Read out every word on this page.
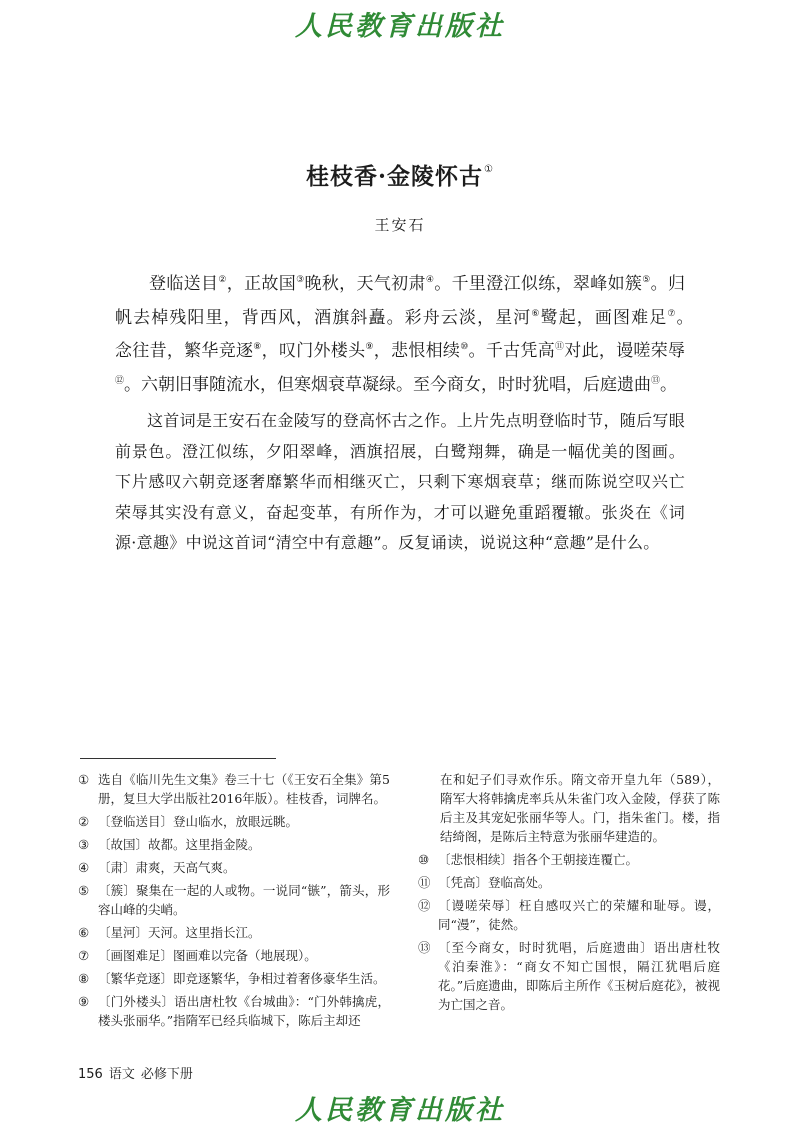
人民教育出版社
桂枝香·金陵怀古①
王安石

登临送目②，正故国③晚秋，天气初肃④。千里澄江似练，翠峰如簇⑤。归帆去棹残阳里，背西风，酒旗斜矗。彩舟云淡，星河⑥鹭起，画图难足⑦。　　念往昔，繁华竞逐⑧，叹门外楼头⑨，悲恨相续⑩。千古凭高⑪对此，谩嗟荣辱⑫。六朝旧事随流水，但寒烟衰草凝绿。至今商女，时时犹唱，后庭遗曲⑬。

这首词是王安石在金陵写的登高怀古之作。上片先点明登临时节，随后写眼前景色。澄江似练，夕阳翠峰，酒旗招展，白鹭翔舞，确是一幅优美的图画。下片感叹六朝竞逐奢靡繁华而相继灭亡，只剩下寒烟衰草；继而陈说空叹兴亡荣辱其实没有意义，奋起变革，有所作为，才可以避免重蹈覆辙。张炎在《词源·意趣》中说这首词“清空中有意趣”。反复诵读，说说这种“意趣”是什么。

① 选自《临川先生文集》卷三十七（《王安石全集》第5册，复旦大学出版社2016年版）。桂枝香，词牌名。
② 〔登临送目〕登山临水，放眼远眺。
③ 〔故国〕故都。这里指金陵。
④ 〔肃〕肃爽，天高气爽。
⑤ 〔簇〕聚集在一起的人或物。一说同“镞”，箭头，形容山峰的尖峭。
⑥ 〔星河〕天河。这里指长江。
⑦ 〔画图难足〕图画难以完备（地展现）。
⑧ 〔繁华竞逐〕即竞逐繁华，争相过着奢侈豪华生活。
⑨ 〔门外楼头〕语出唐杜牧《台城曲》：“门外韩擒虎，楼头张丽华。”指隋军已经兵临城下，陈后主却还
在和妃子们寻欢作乐。隋文帝开皇九年（589），隋军大将韩擒虎率兵从朱雀门攻入金陵，俘获了陈后主及其宠妃张丽华等人。门，指朱雀门。楼，指结绮阁，是陈后主特意为张丽华建造的。
⑩ 〔悲恨相续〕指各个王朝接连覆亡。
⑪ 〔凭高〕登临高处。
⑫ 〔谩嗟荣辱〕枉自感叹兴亡的荣耀和耻辱。谩，同“漫”，徒然。
⑬ 〔至今商女，时时犹唱，后庭遗曲〕语出唐杜牧《泊秦淮》：“商女不知亡国恨，隔江犹唱后庭花。”后庭遗曲，即陈后主所作《玉树后庭花》，被视为亡国之音。
156 语文 必修下册
人民教育出版社
